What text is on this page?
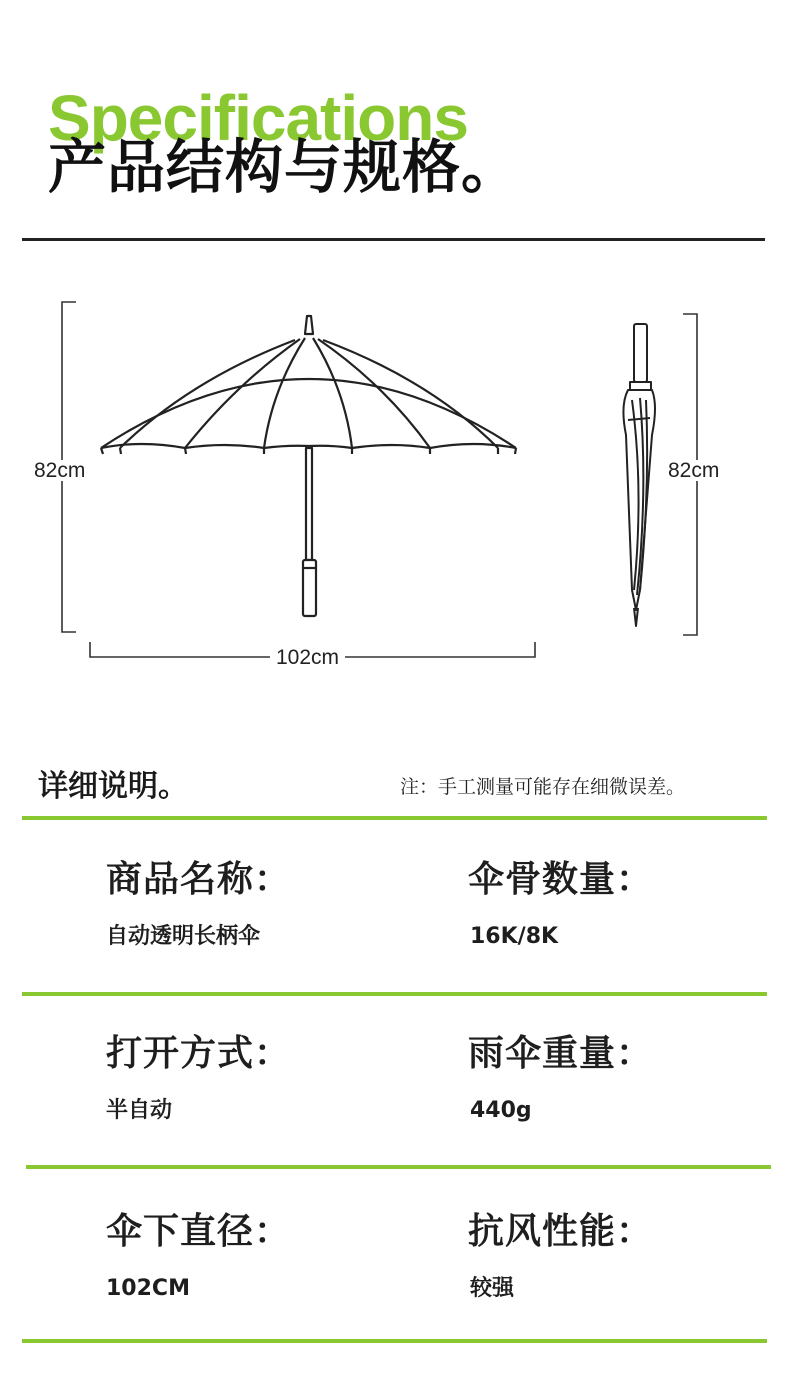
Specifications
产品结构与规格。
82cm
102cm
82cm
详细说明。	注：手工测量可能存在细微误差。
商品名称：
自动透明长柄伞
伞骨数量：
16K/8K
打开方式：
半自动
雨伞重量：
440g
伞下直径：
102CM
抗风性能：
较强
